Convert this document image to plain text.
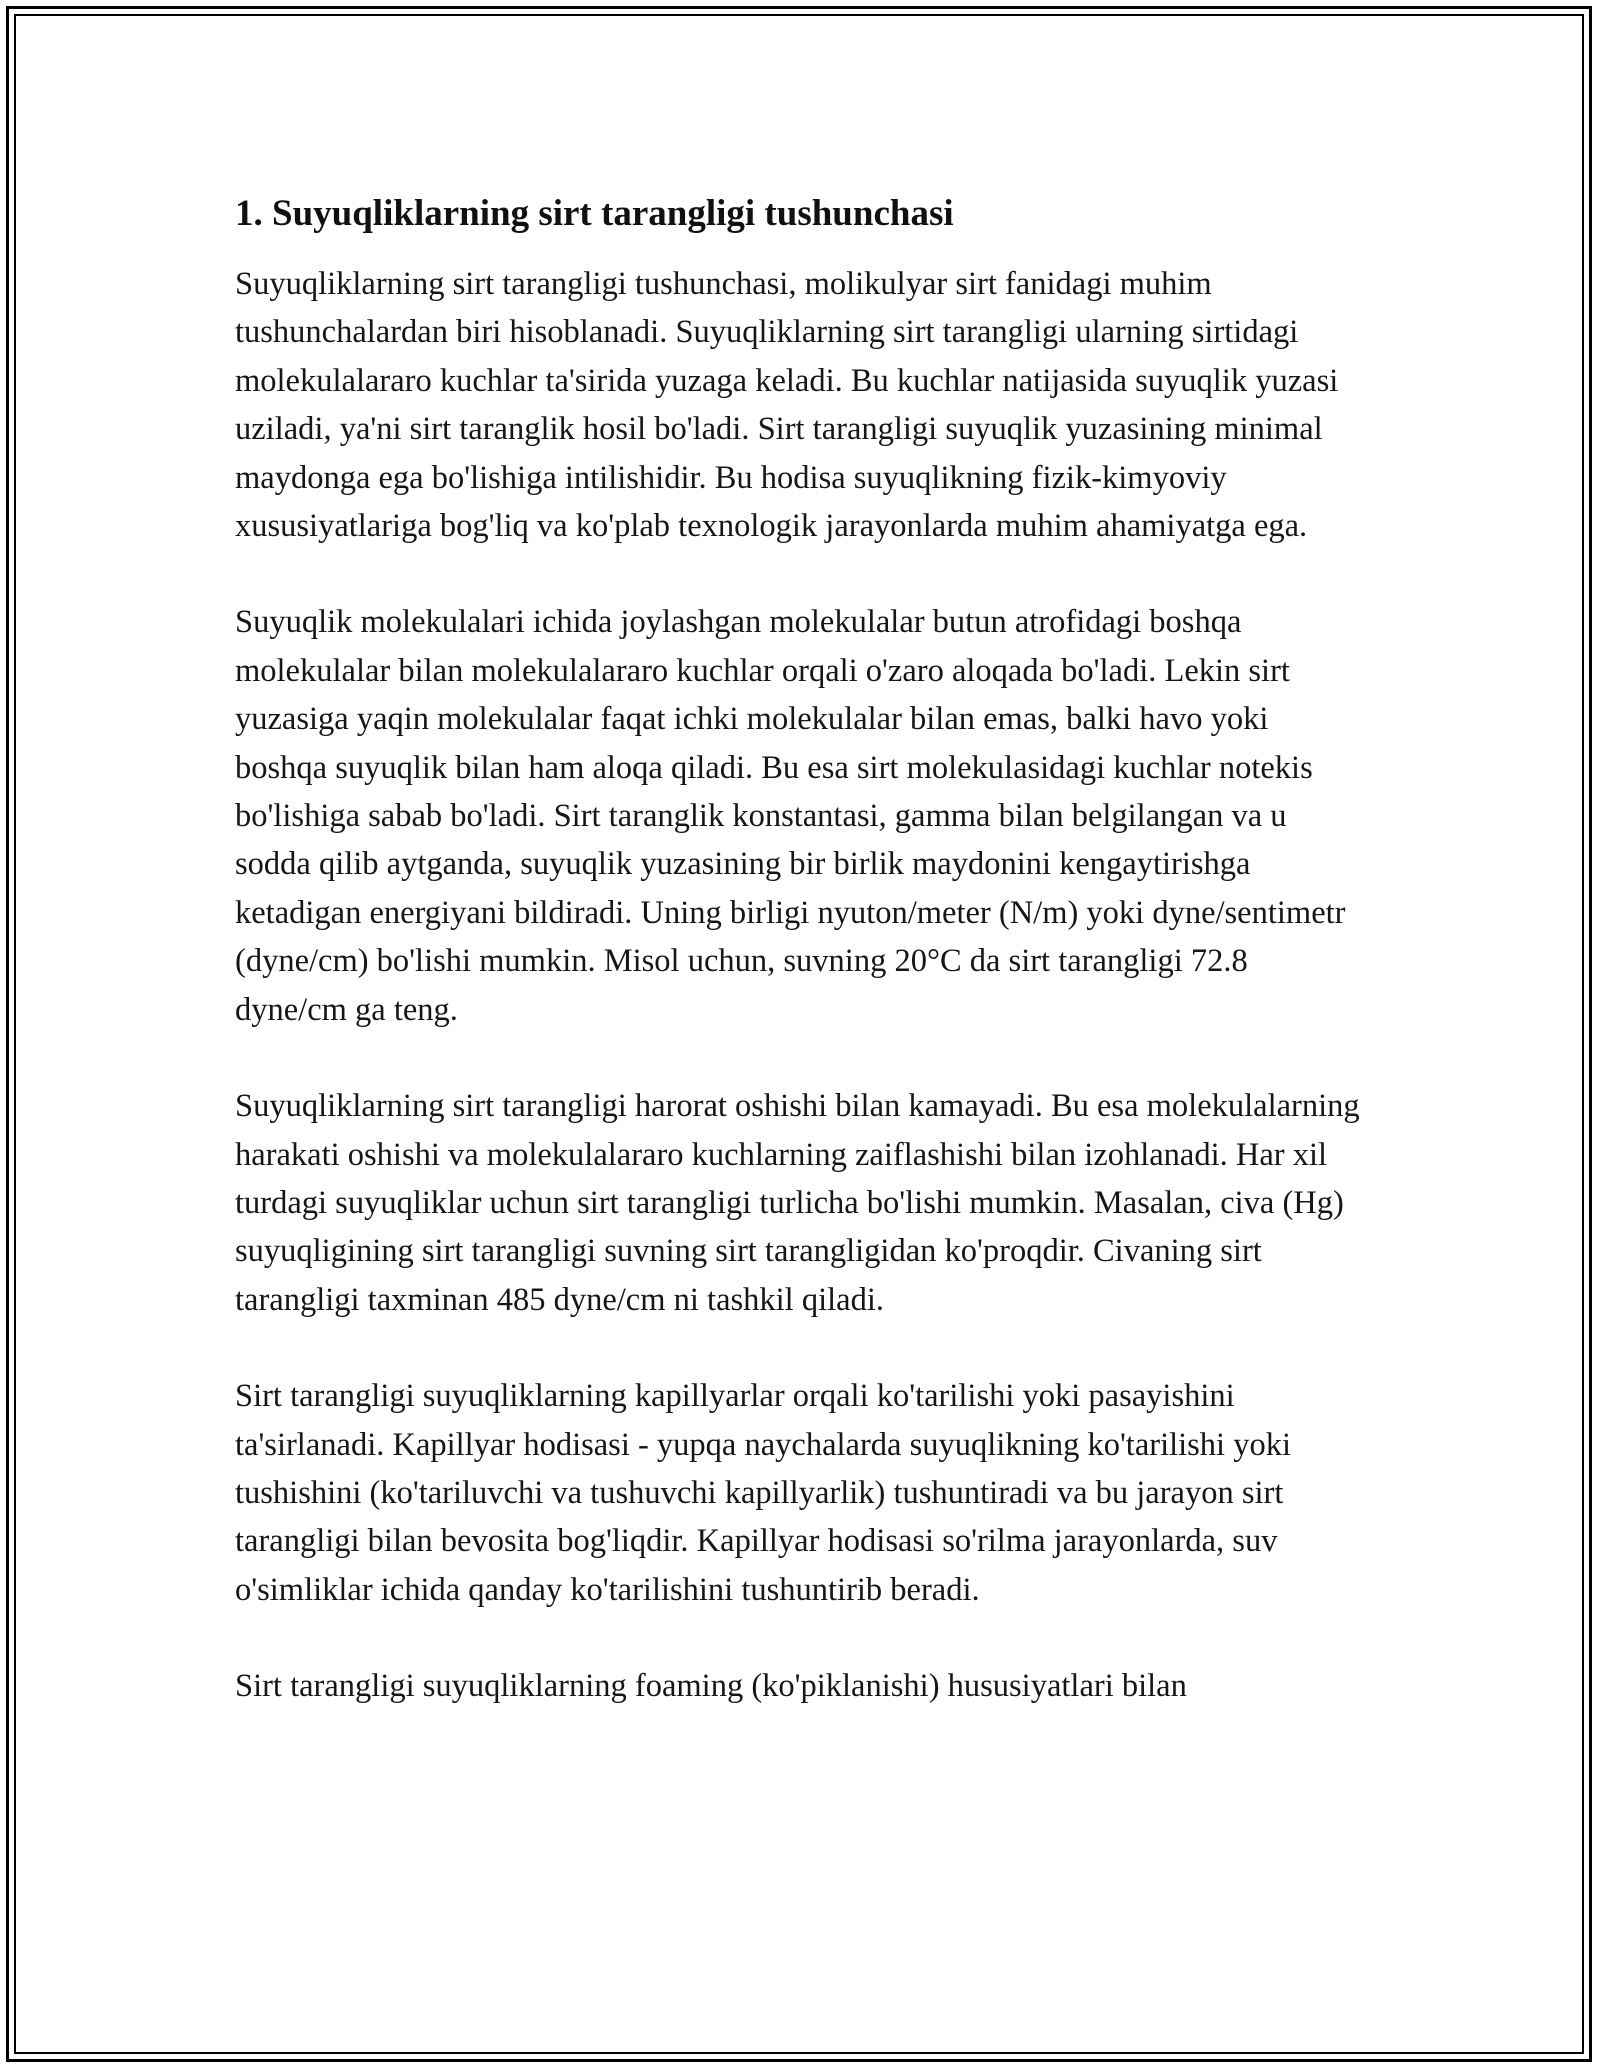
1. Suyuqliklarning sirt tarangligi tushunchasi

Suyuqliklarning sirt tarangligi tushunchasi, molikulyar sirt fanidagi muhim tushunchalardan biri hisoblanadi. Suyuqliklarning sirt tarangligi ularning sirtidagi molekulalararo kuchlar ta'sirida yuzaga keladi. Bu kuchlar natijasida suyuqlik yuzasi uziladi, ya'ni sirt taranglik hosil bo'ladi. Sirt tarangligi suyuqlik yuzasining minimal maydonga ega bo'lishiga intilishidir. Bu hodisa suyuqlikning fizik-kimyoviy xususiyatlariga bog'liq va ko'plab texnologik jarayonlarda muhim ahamiyatga ega.

Suyuqlik molekulalari ichida joylashgan molekulalar butun atrofidagi boshqa molekulalar bilan molekulalararo kuchlar orqali o'zaro aloqada bo'ladi. Lekin sirt yuzasiga yaqin molekulalar faqat ichki molekulalar bilan emas, balki havo yoki boshqa suyuqlik bilan ham aloqa qiladi. Bu esa sirt molekulasidagi kuchlar notekis bo'lishiga sabab bo'ladi. Sirt taranglik konstantasi, gamma bilan belgilangan va u sodda qilib aytganda, suyuqlik yuzasining bir birlik maydonini kengaytirishga ketadigan energiyani bildiradi. Uning birligi nyuton/meter (N/m) yoki dyne/sentimetr (dyne/cm) bo'lishi mumkin. Misol uchun, suvning 20°C da sirt tarangligi 72.8 dyne/cm ga teng.

Suyuqliklarning sirt tarangligi harorat oshishi bilan kamayadi. Bu esa molekulalarning harakati oshishi va molekulalararo kuchlarning zaiflashishi bilan izohlanadi. Har xil turdagi suyuqliklar uchun sirt tarangligi turlicha bo'lishi mumkin. Masalan, civa (Hg) suyuqligining sirt tarangligi suvning sirt tarangligidan ko'proqdir. Civaning sirt tarangligi taxminan 485 dyne/cm ni tashkil qiladi.

Sirt tarangligi suyuqliklarning kapillyarlar orqali ko'tarilishi yoki pasayishini ta'sirlanadi. Kapillyar hodisasi - yupqa naychalarda suyuqlikning ko'tarilishi yoki tushishini (ko'tariluvchi va tushuvchi kapillyarlik) tushuntiradi va bu jarayon sirt tarangligi bilan bevosita bog'liqdir. Kapillyar hodisasi so'rilma jarayonlarda, suv o'simliklar ichida qanday ko'tarilishini tushuntirib beradi.

Sirt tarangligi suyuqliklarning foaming (ko'piklanishi) hususiyatlari bilan
